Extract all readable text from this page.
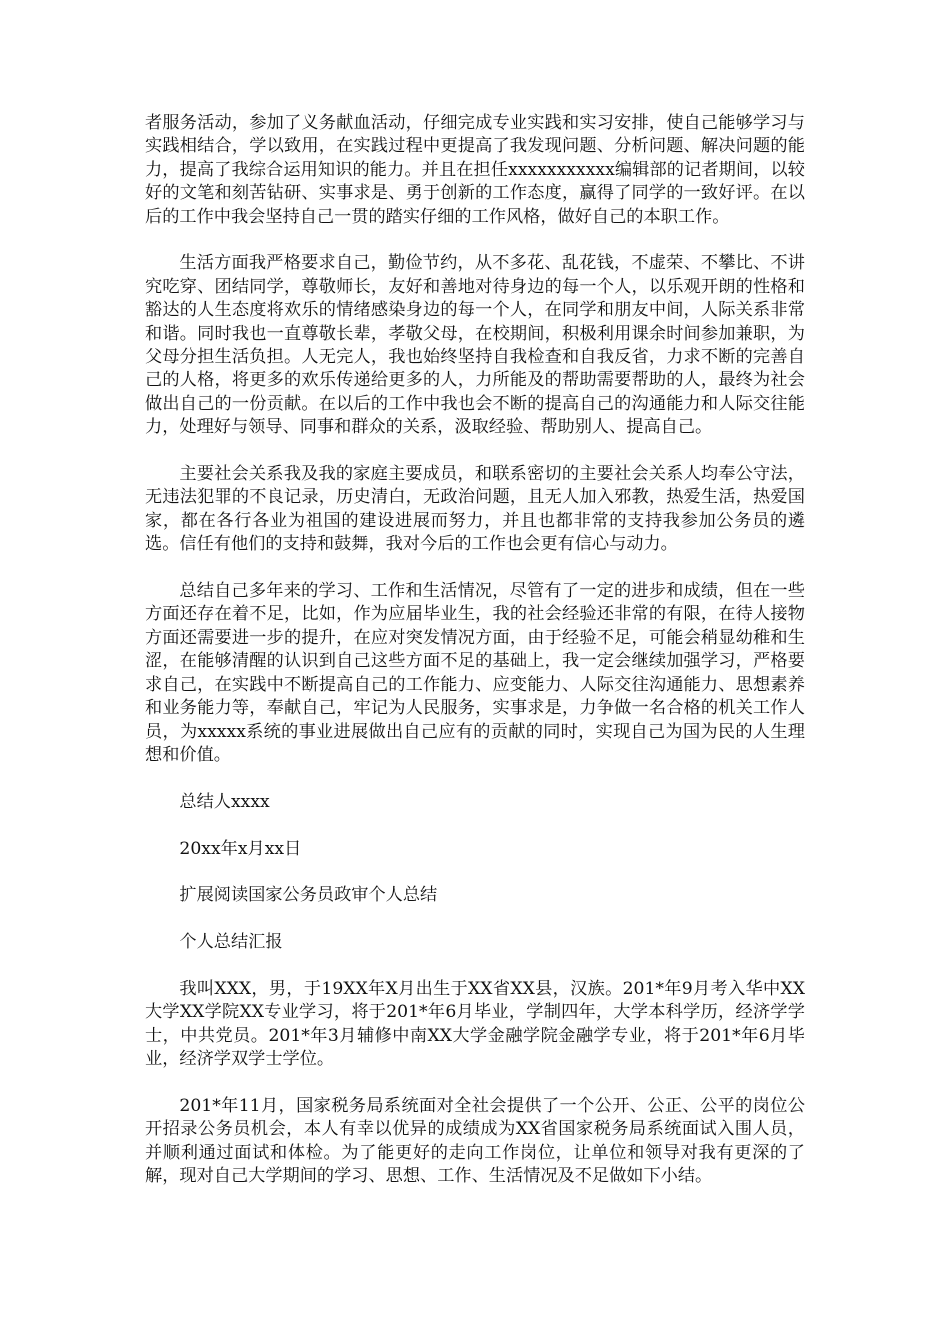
者服务活动，参加了义务献血活动，仔细完成专业实践和实习安排，使自己能够学习与实践相结合，学以致用，在实践过程中更提高了我发现问题、分析问题、解决问题的能力，提高了我综合运用知识的能力。并且在担任xxxxxxxxxxx编辑部的记者期间，以较好的文笔和刻苦钻研、实事求是、勇于创新的工作态度，赢得了同学的一致好评。在以后的工作中我会坚持自己一贯的踏实仔细的工作风格，做好自己的本职工作。

生活方面我严格要求自己，勤俭节约，从不多花、乱花钱，不虚荣、不攀比、不讲究吃穿、团结同学，尊敬师长，友好和善地对待身边的每一个人，以乐观开朗的性格和豁达的人生态度将欢乐的情绪感染身边的每一个人，在同学和朋友中间，人际关系非常和谐。同时我也一直尊敬长辈，孝敬父母，在校期间，积极利用课余时间参加兼职，为父母分担生活负担。人无完人，我也始终坚持自我检查和自我反省，力求不断的完善自己的人格，将更多的欢乐传递给更多的人，力所能及的帮助需要帮助的人，最终为社会做出自己的一份贡献。在以后的工作中我也会不断的提高自己的沟通能力和人际交往能力，处理好与领导、同事和群众的关系，汲取经验、帮助别人、提高自己。

主要社会关系我及我的家庭主要成员，和联系密切的主要社会关系人均奉公守法，无违法犯罪的不良记录，历史清白，无政治问题，且无人加入邪教，热爱生活，热爱国家，都在各行各业为祖国的建设进展而努力，并且也都非常的支持我参加公务员的遴选。信任有他们的支持和鼓舞，我对今后的工作也会更有信心与动力。

总结自己多年来的学习、工作和生活情况，尽管有了一定的进步和成绩，但在一些方面还存在着不足，比如，作为应届毕业生，我的社会经验还非常的有限，在待人接物方面还需要进一步的提升，在应对突发情况方面，由于经验不足，可能会稍显幼稚和生涩，在能够清醒的认识到自己这些方面不足的基础上，我一定会继续加强学习，严格要求自己，在实践中不断提高自己的工作能力、应变能力、人际交往沟通能力、思想素养和业务能力等，奉献自己，牢记为人民服务，实事求是，力争做一名合格的机关工作人员，为xxxxx系统的事业进展做出自己应有的贡献的同时，实现自己为国为民的人生理想和价值。

总结人xxxx

20xx年x月xx日

扩展阅读国家公务员政审个人总结

个人总结汇报

我叫XXX，男，于19XX年X月出生于XX省XX县，汉族。201*年9月考入华中XX大学XX学院XX专业学习，将于201*年6月毕业，学制四年，大学本科学历，经济学学士，中共党员。201*年3月辅修中南XX大学金融学院金融学专业，将于201*年6月毕业，经济学双学士学位。

201*年11月，国家税务局系统面对全社会提供了一个公开、公正、公平的岗位公开招录公务员机会，本人有幸以优异的成绩成为XX省国家税务局系统面试入围人员，并顺利通过面试和体检。为了能更好的走向工作岗位，让单位和领导对我有更深的了解，现对自己大学期间的学习、思想、工作、生活情况及不足做如下小结。
